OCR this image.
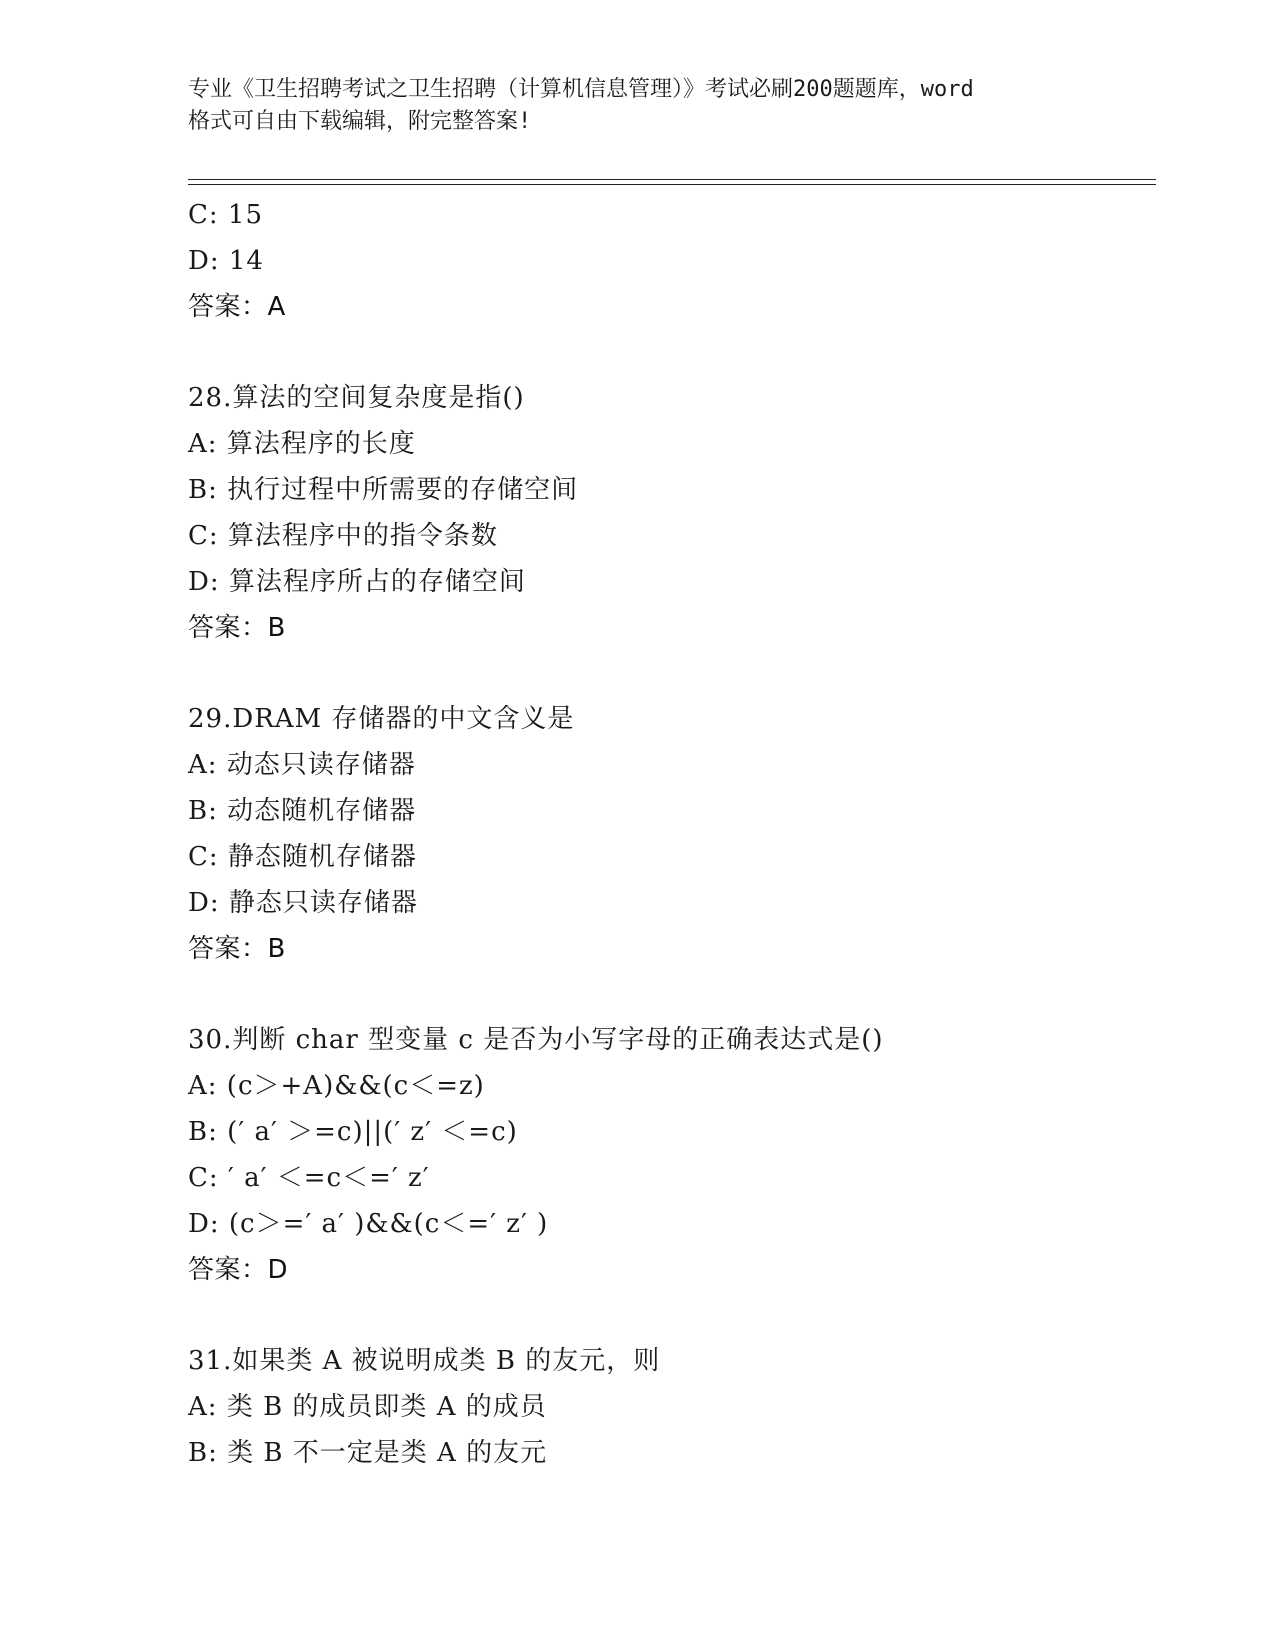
专业《卫生招聘考试之卫生招聘（计算机信息管理）》考试必刷200题题库，word
格式可自由下载编辑，附完整答案!
C: 15
D: 14
答案：A
28.算法的空间复杂度是指()
A: 算法程序的长度
B: 执行过程中所需要的存储空间
C: 算法程序中的指令条数
D: 算法程序所占的存储空间
答案：B
29.DRAM 存储器的中文含义是
A: 动态只读存储器
B: 动态随机存储器
C: 静态随机存储器
D: 静态只读存储器
答案：B
30.判断 char 型变量 c 是否为小写字母的正确表达式是()
A: (c＞+A)&&(c＜=z)
B: (′ a′ ＞=c)||(′ z′ ＜=c)
C: ′ a′ ＜=c＜=′ z′
D: (c＞=′ a′ )&&(c＜=′ z′ )
答案：D
31.如果类 A 被说明成类 B 的友元，则
A: 类 B 的成员即类 A 的成员
B: 类 B 不一定是类 A 的友元
